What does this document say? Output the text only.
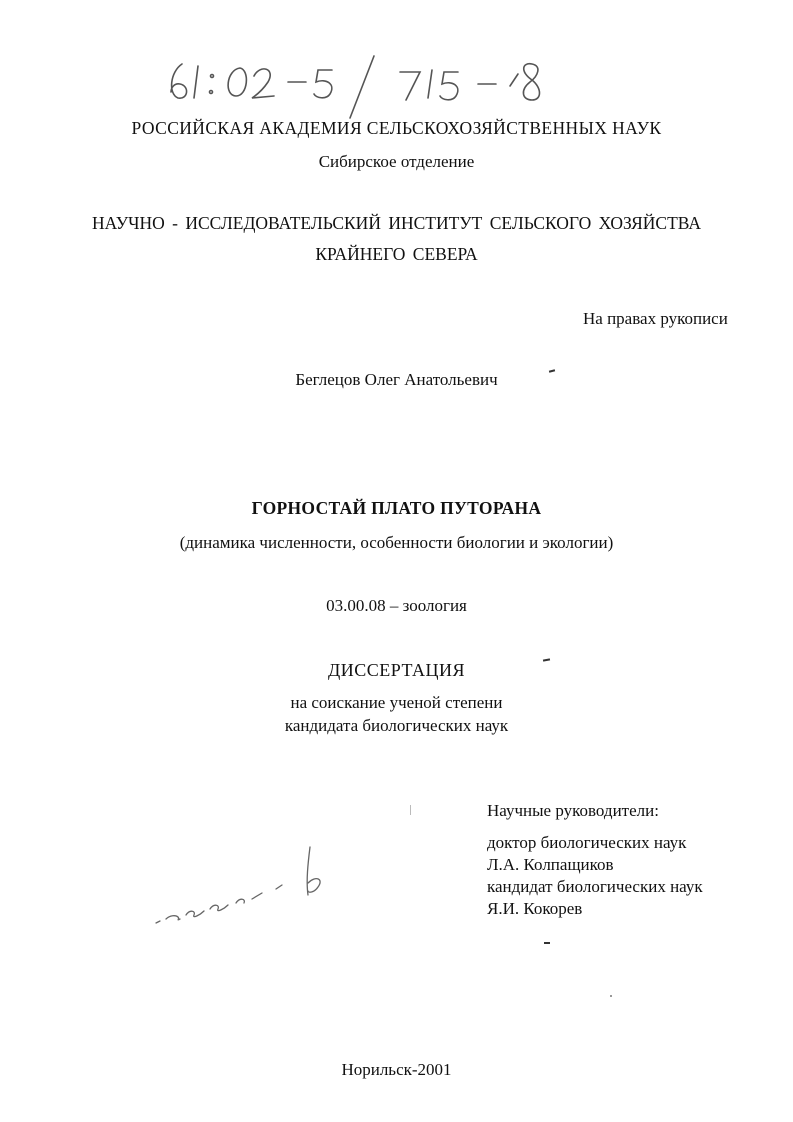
РОССИЙСКАЯ АКАДЕМИЯ СЕЛЬСКОХОЗЯЙСТВЕННЫХ НАУК
Сибирское отделение
НАУЧНО - ИССЛЕДОВАТЕЛЬСКИЙ ИНСТИТУТ СЕЛЬСКОГО ХОЗЯЙСТВА
КРАЙНЕГО СЕВЕРА
На правах рукописи
Беглецов Олег Анатольевич
ГОРНОСТАЙ ПЛАТО ПУТОРАНА
(динамика численности, особенности биологии и экологии)
03.00.08 – зоология
ДИССЕРТАЦИЯ
на соискание ученой степени
кандидата биологических наук
Научные руководители:
доктор биологических наук
Л.А. Колпащиков
кандидат биологических наук
Я.И. Кокорев
Норильск-2001
